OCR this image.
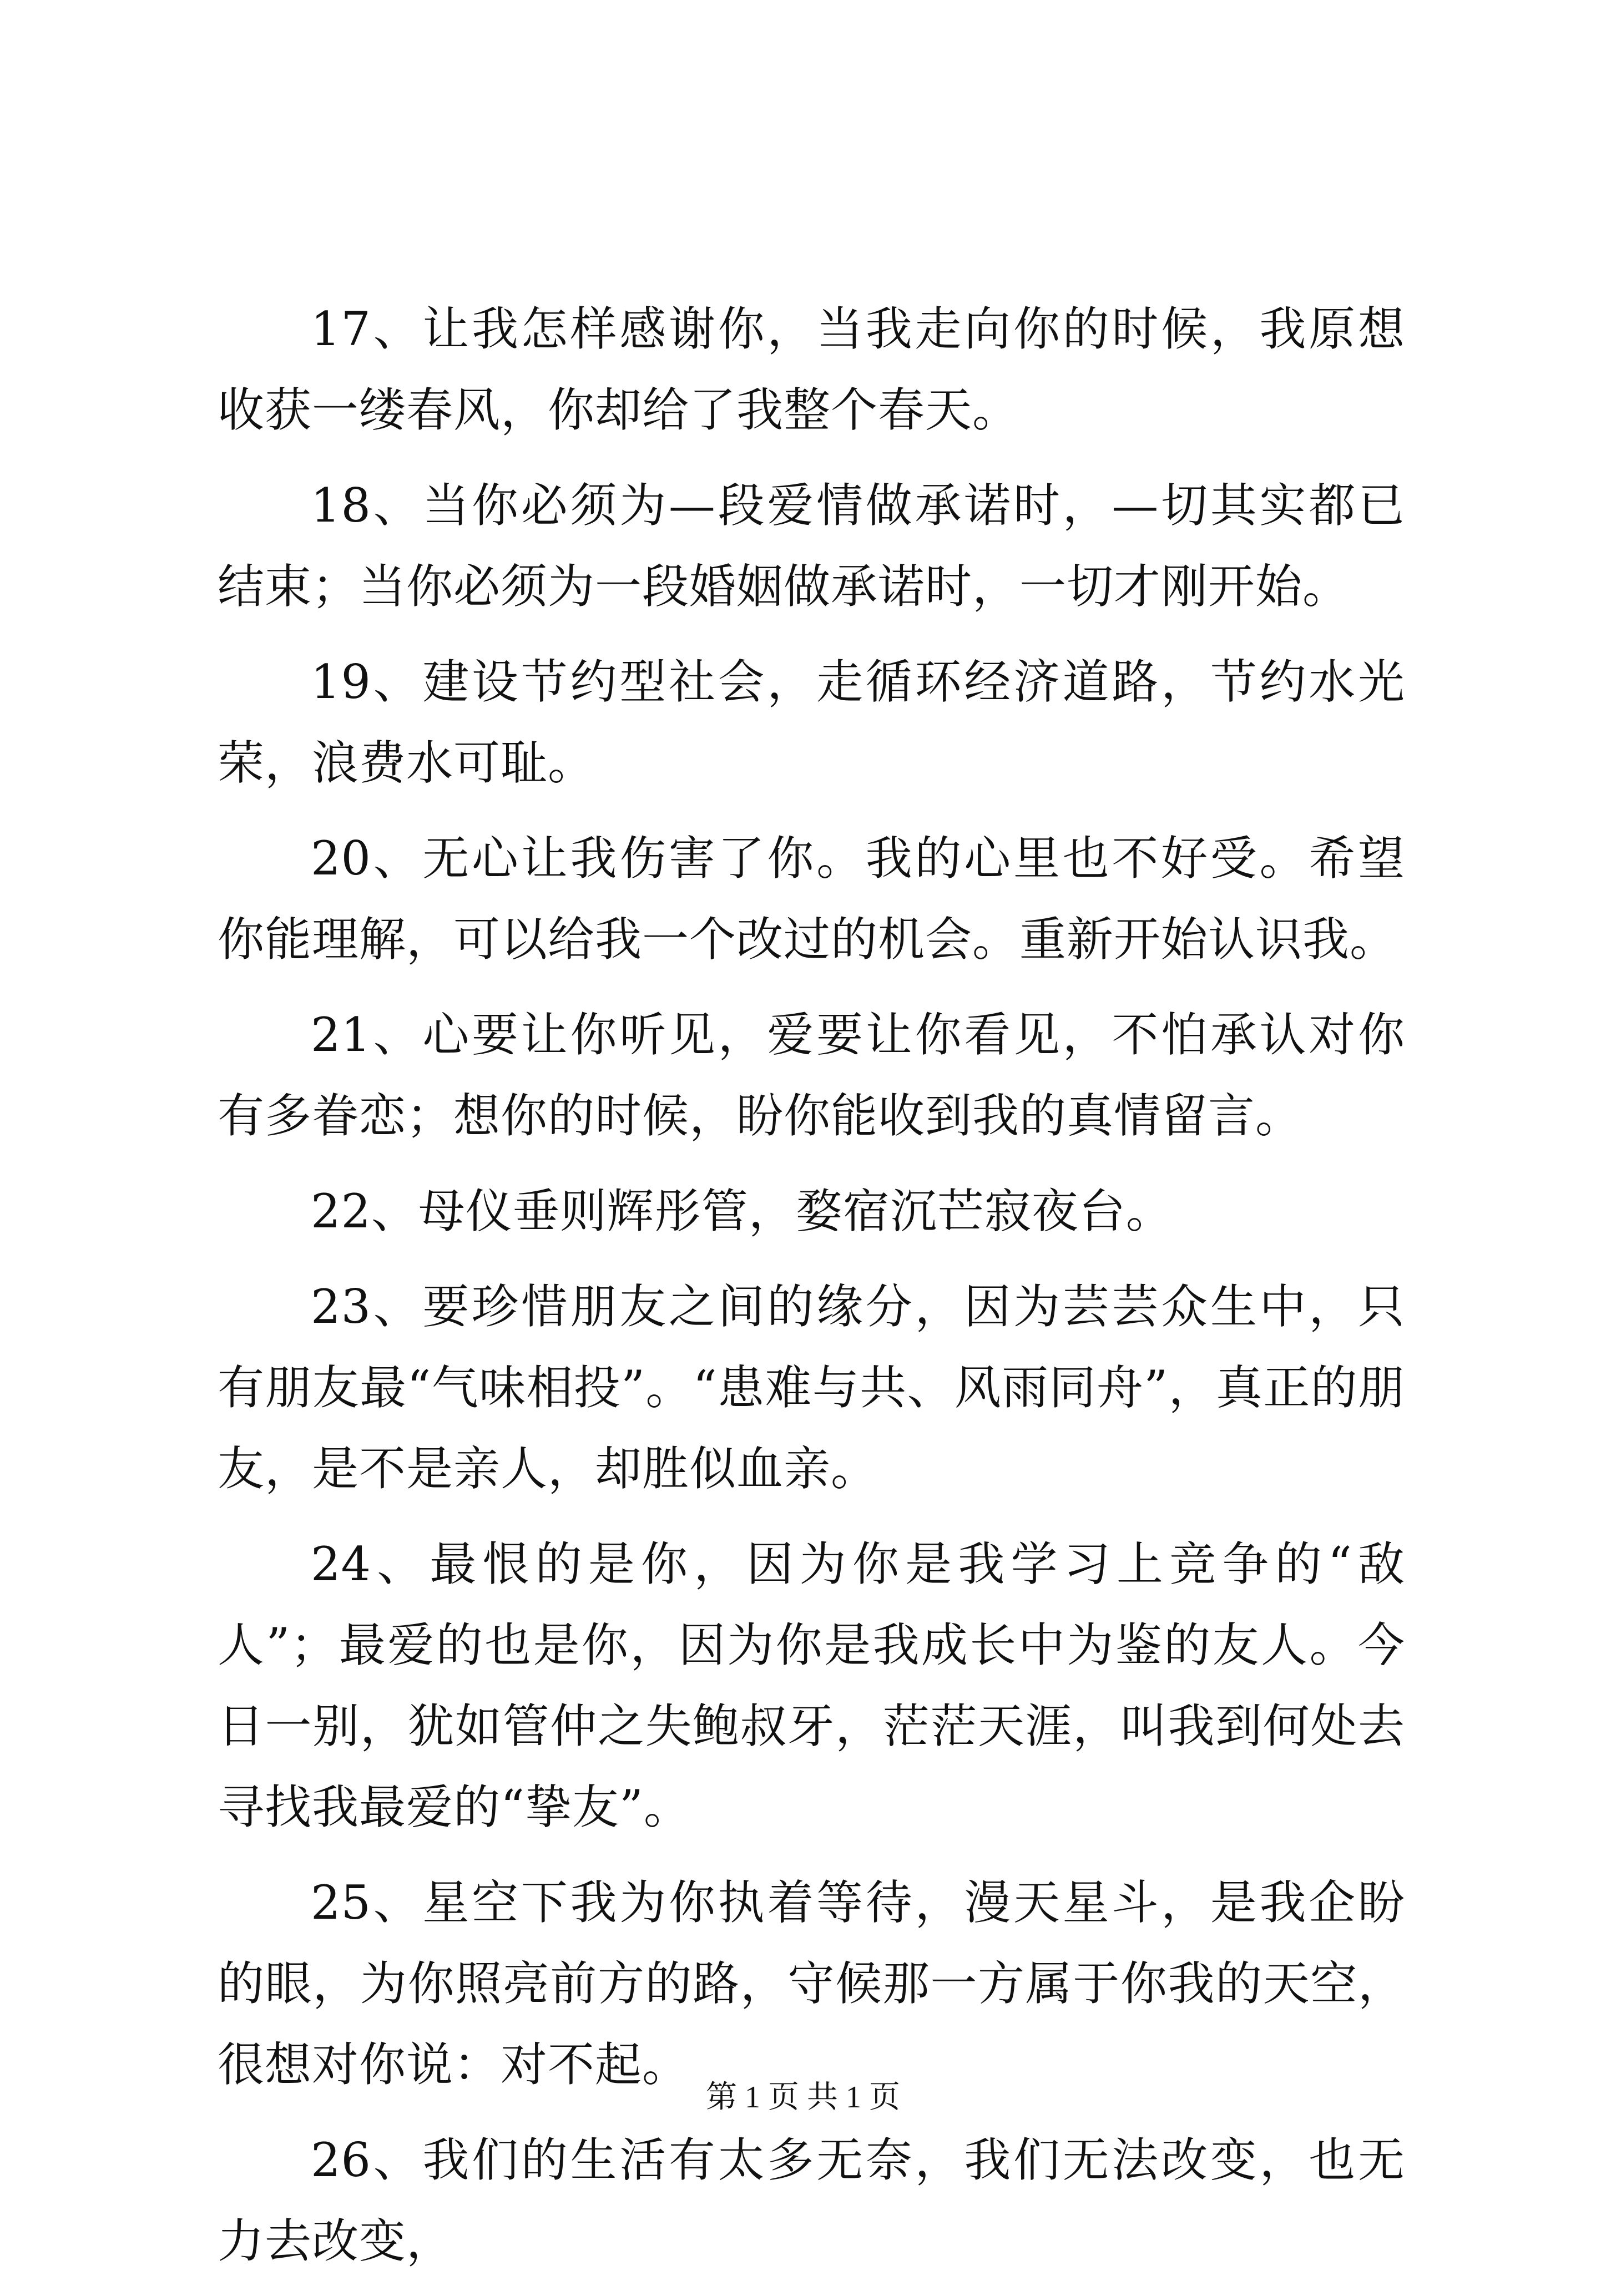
17、让我怎样感谢你，当我走向你的时候，我原想收获一缕春风，你却给了我整个春天。

18、当你必须为—段爱情做承诺时，—切其实都已结束；当你必须为一段婚姻做承诺时，一切才刚开始。

19、建设节约型社会，走循环经济道路，节约水光荣，浪费水可耻。

20、无心让我伤害了你。我的心里也不好受。希望你能理解，可以给我一个改过的机会。重新开始认识我。

21、心要让你听见，爱要让你看见，不怕承认对你有多眷恋；想你的时候，盼你能收到我的真情留言。

22、母仪垂则辉彤管，婺宿沉芒寂夜台。

23、要珍惜朋友之间的缘分，因为芸芸众生中，只有朋友最“气味相投”。“患难与共、风雨同舟”，真正的朋友，是不是亲人，却胜似血亲。

24、最恨的是你，因为你是我学习上竞争的“敌人”；最爱的也是你，因为你是我成长中为鉴的友人。今日一别，犹如管仲之失鲍叔牙，茫茫天涯，叫我到何处去寻找我最爱的“挚友”。

25、星空下我为你执着等待，漫天星斗，是我企盼的眼，为你照亮前方的路，守候那一方属于你我的天空，很想对你说：对不起。

26、我们的生活有太多无奈，我们无法改变，也无力去改变，

第 1 页 共 1 页
